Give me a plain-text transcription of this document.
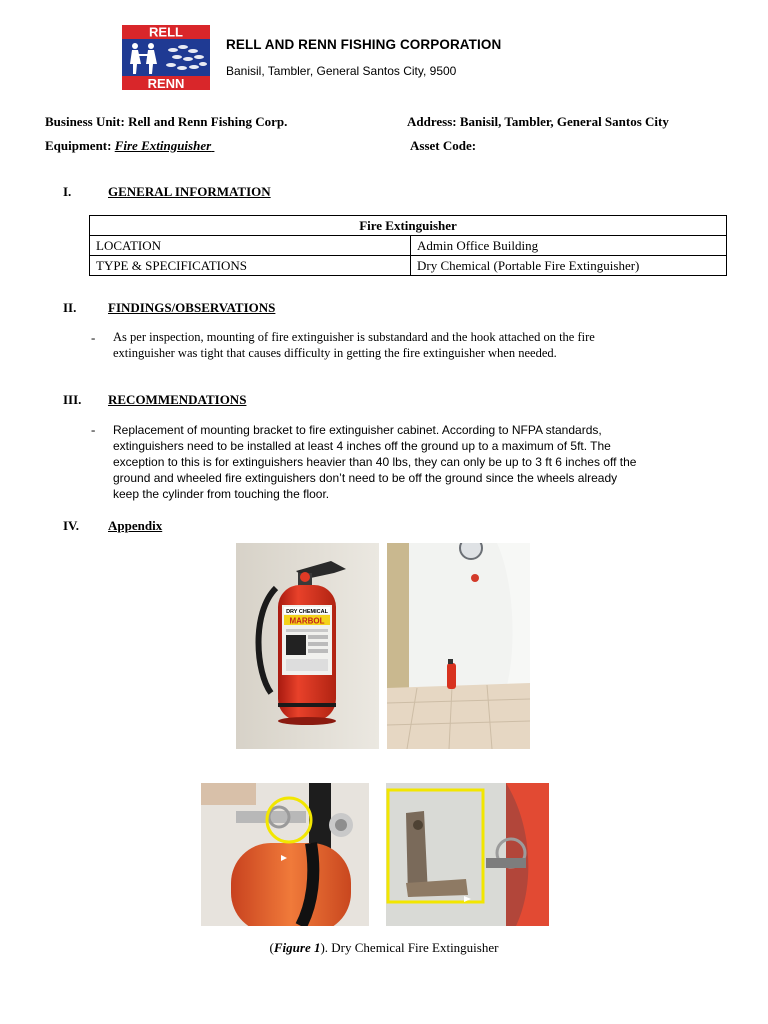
RELL
RENN
RELL AND RENN FISHING CORPORATION
Banisil, Tambler, General Santos City, 9500
Business Unit: Rell and Renn Fishing Corp.	Address: Banisil, Tambler, General Santos City
Equipment: Fire Extinguisher	Asset Code:
I.	GENERAL INFORMATION
Fire Extinguisher	
LOCATION	Admin Office Building
TYPE & SPECIFICATIONS	Dry Chemical (Portable Fire Extinguisher)
II. FINDINGS/OBSERVATIONS
- As per inspection, mounting of fire extinguisher is substandard and the hook attached on the fire
extinguisher was tight that causes difficulty in getting the fire extinguisher when needed.
III. RECOMMENDATIONS
- Replacement of mounting bracket to fire extinguisher cabinet. According to NFPA standards,
extinguishers need to be installed at least 4 inches off the ground up to a maximum of 5ft. The
exception to this is for extinguishers heavier than 40 lbs, they can only be up to 3 ft 6 inches off the
ground and wheeled fire extinguishers don’t need to be off the ground since the wheels already
keep the cylinder from touching the floor.
IV. Appendix
DRY CHEMICAL
MARBOL
(Figure 1). Dry Chemical Fire Extinguisher
